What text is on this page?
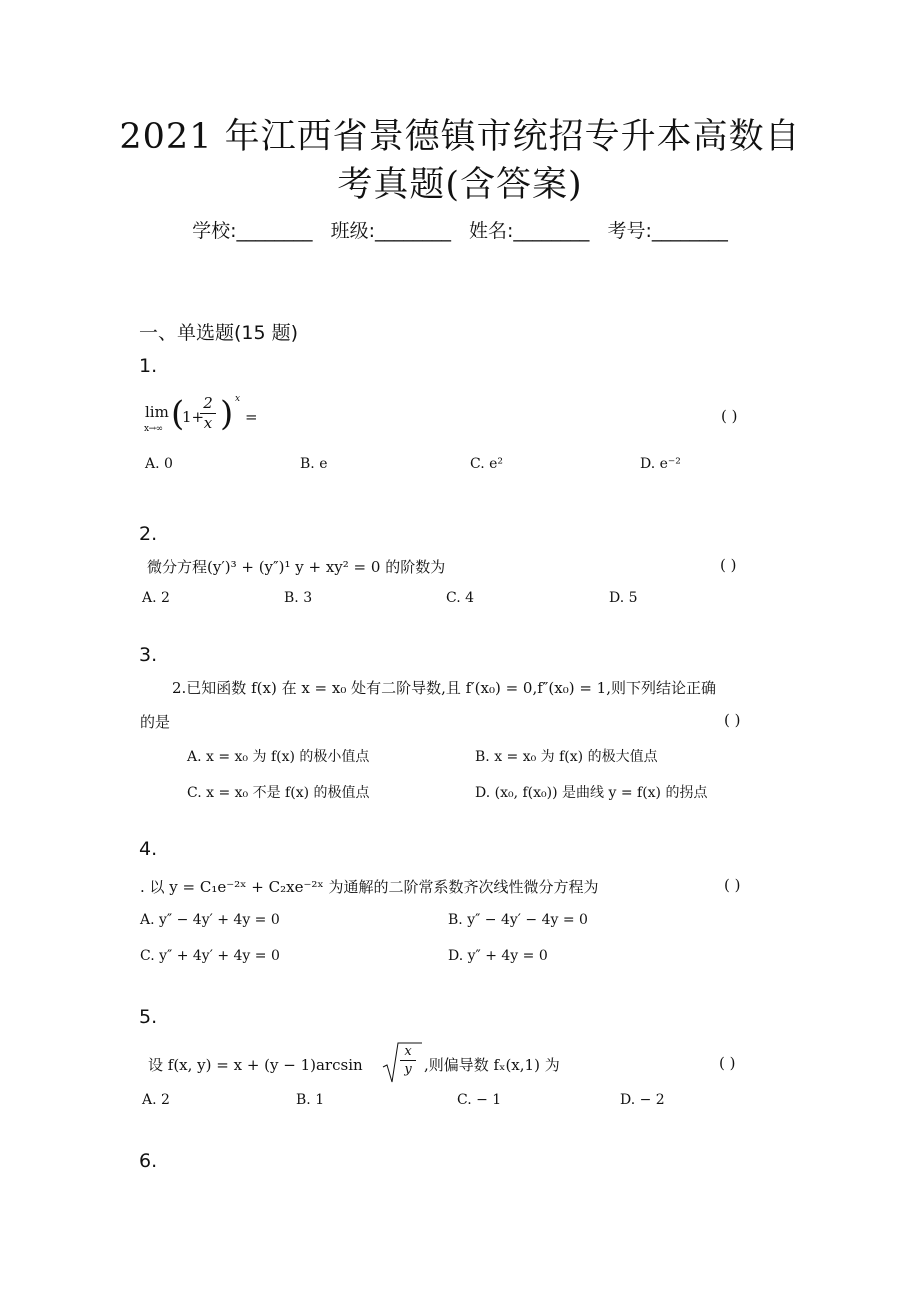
2021 年江西省景德镇市统招专升本高数自
考真题(含答案)
学校:________ 班级:________ 姓名:________ 考号:________
一、单选题(15 题)
1.
lim
x→∞ (
1+
2
x ) x
=	( )
A. 0	B. e	C. e²	D. e⁻²
2.
微分方程(y′)³ + (y″)¹ y + xy² = 0 的阶数为	( )
A. 2	B. 3	C. 4	D. 5
3.
2.已知函数 f(x) 在 x = x₀ 处有二阶导数,且 f′(x₀) = 0,f″(x₀) = 1,则下列结论正确
的是	( )
A. x = x₀ 为 f(x) 的极小值点	B. x = x₀ 为 f(x) 的极大值点
C. x = x₀ 不是 f(x) 的极值点	D. (x₀, f(x₀)) 是曲线 y = f(x) 的拐点
4.
. 以 y = C₁e⁻²ˣ + C₂xe⁻²ˣ 为通解的二阶常系数齐次线性微分方程为	( )
A. y″ − 4y′ + 4y = 0	B. y″ − 4y′ − 4y = 0
C. y″ + 4y′ + 4y = 0	D. y″ + 4y = 0
5.
设 f(x, y) = x + (y − 1)arcsin
x
y ,则偏导数 fₓ(x,1) 为	( )
A. 2	B. 1	C. − 1	D. − 2
6.
